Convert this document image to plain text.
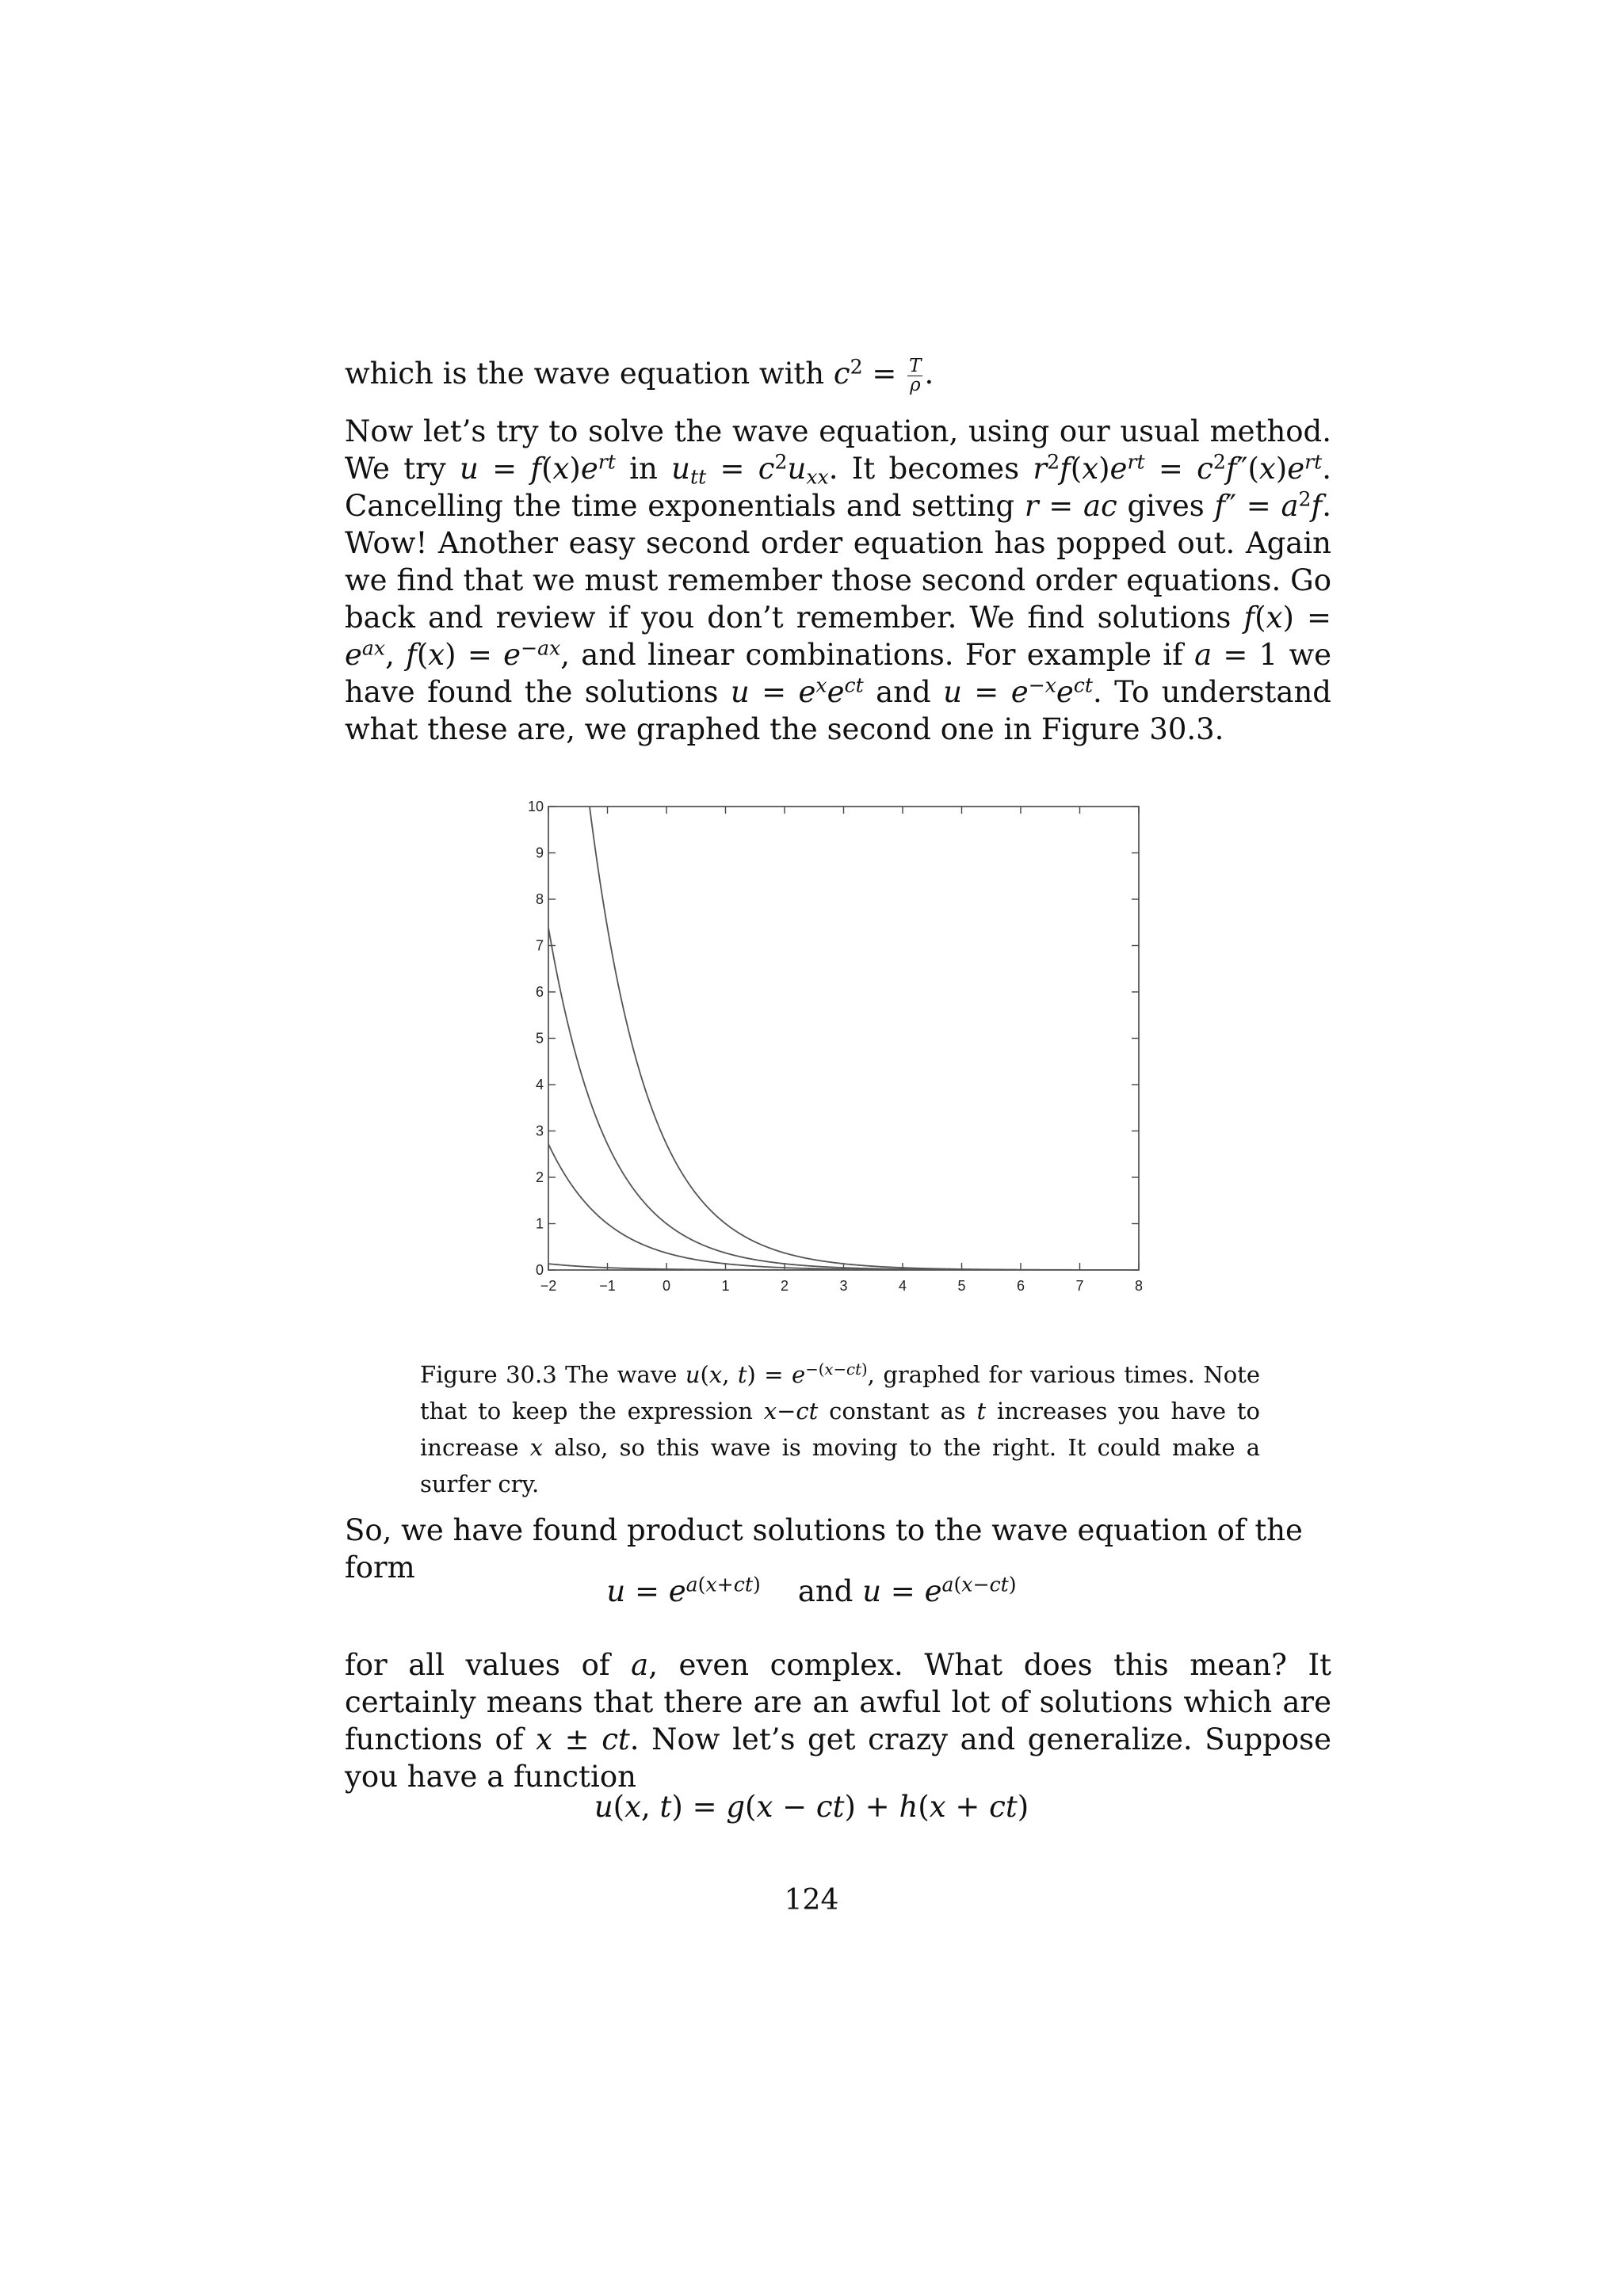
which is the wave equation with $c^2 = \frac{T}{\rho}$ .
Now let’s try to solve the wave equation, using our usual method. We try $u = f(x)e^{rt}$ in $u_{tt} = c^2u_{xx}$. It becomes $r^2f(x)e^{rt} = c^2f''(x)e^{rt}$. Cancelling the time exponentials and setting r = ac gives $f'' = a^2f$. Wow! Another easy second order equation has popped out. Again we find that we must remember those second order equations. Go back and review if you don’t remember. We find solutions $f(x) = e^{ax}$, $f(x) = e^{-ax}$, and linear combinations. For example if a = 1 we have found the solutions $u = e^xe^{ct}$ and $u = e^{-x}e^{ct}$. To understand what these are, we graphed the second one in Figure 30.3.
−2	−1	0	1	2	3	4	5	6	7	8
0
1
2
3
4
5
6
7
8
9
10
Figure 30.3 The wave u(x, $t) = e^{-(x-ct)}$, graphed for various times. Note that to keep the expression x−ct constant as t increases you have to increase x also, so this wave is moving to the right. It could make a surfer cry.
So, we have found product solutions to the wave equation of the form
$u = e^{a(x+ct)}$ and $u = e^{a(x-ct)}$
for all values of a, even complex. What does this mean? It certainly means that there are an awful lot of solutions which are functions of x ± ct. Now let’s get crazy and generalize. Suppose you have a function
u(x, t) = g(x − ct) + h(x + ct)
124
